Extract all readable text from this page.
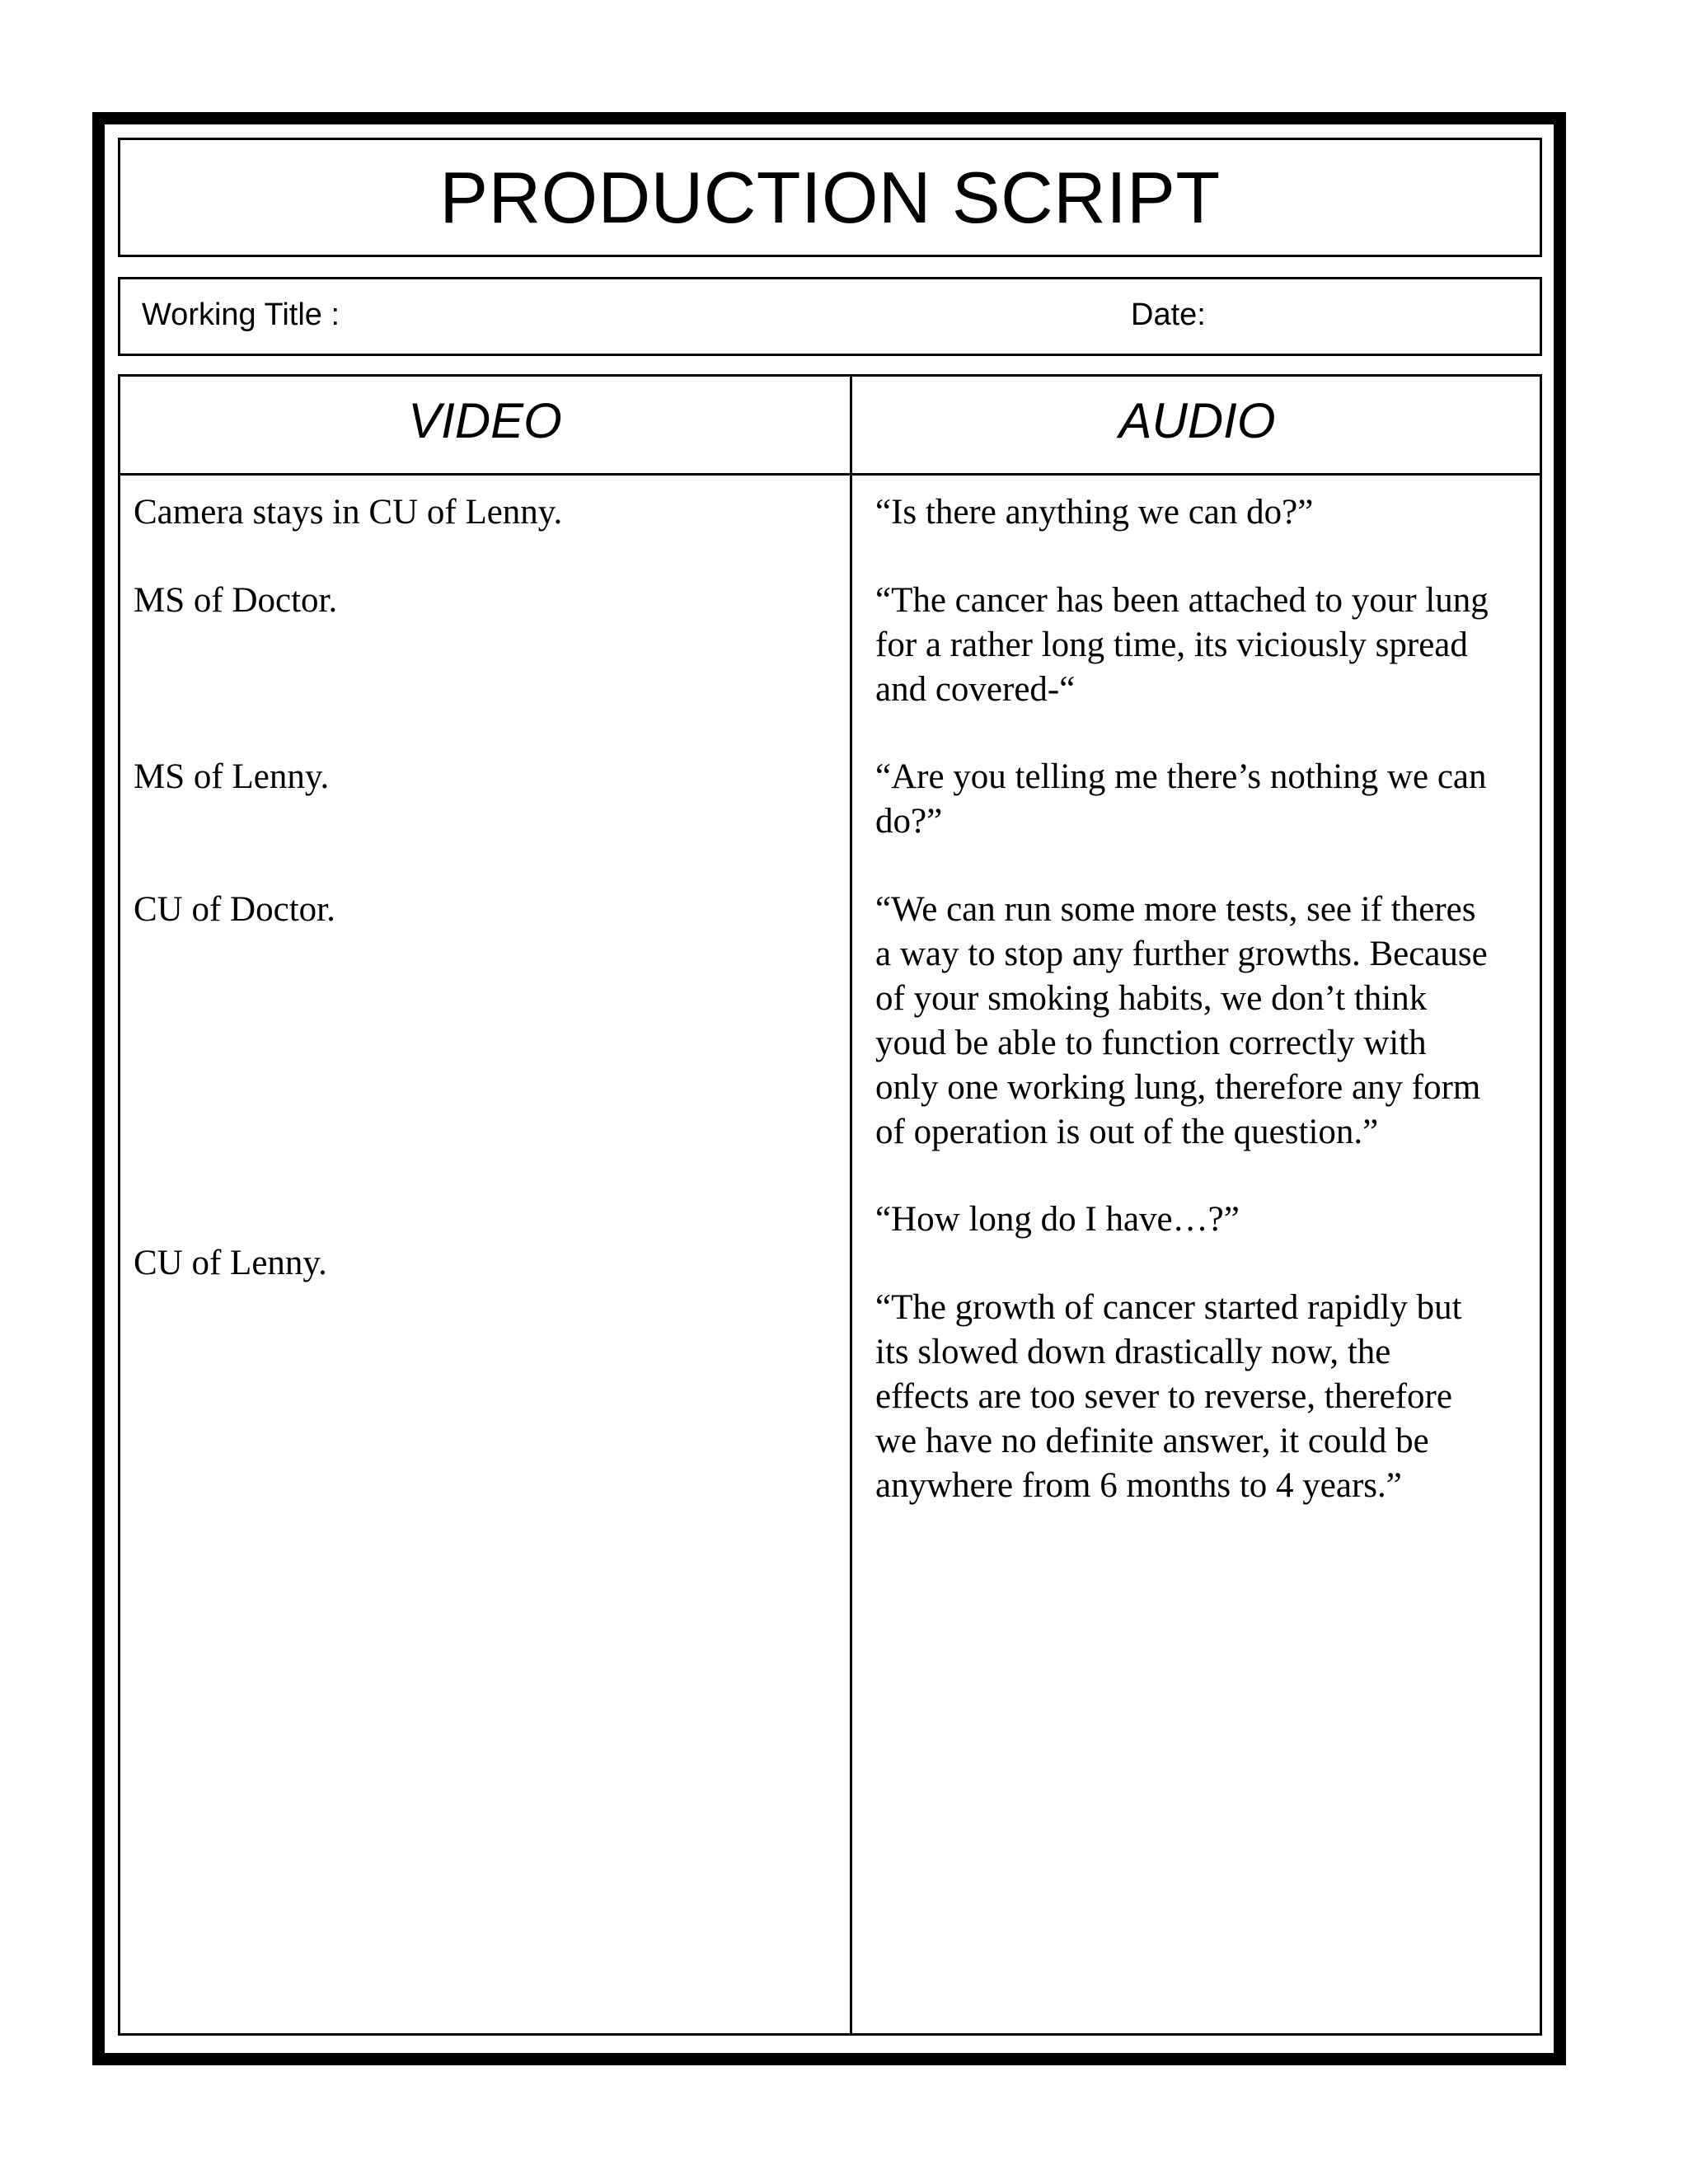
PRODUCTION SCRIPT
Working Title :	Date:
VIDEO	AUDIO
Camera stays in CU of Lenny.
MS of Doctor.
MS of Lenny.
CU of Doctor.
CU of Lenny.
“Is there anything we can do?”
“The cancer has been attached to your lung
for a rather long time, its viciously spread
and covered-“
“Are you telling me there’s nothing we can
do?”
“We can run some more tests, see if theres
a way to stop any further growths. Because
of your smoking habits, we don’t think
youd be able to function correctly with
only one working lung, therefore any form
of operation is out of the question.”
“How long do I have…?”
“The growth of cancer started rapidly but
its slowed down drastically now, the
effects are too sever to reverse, therefore
we have no definite answer, it could be
anywhere from 6 months to 4 years.”
